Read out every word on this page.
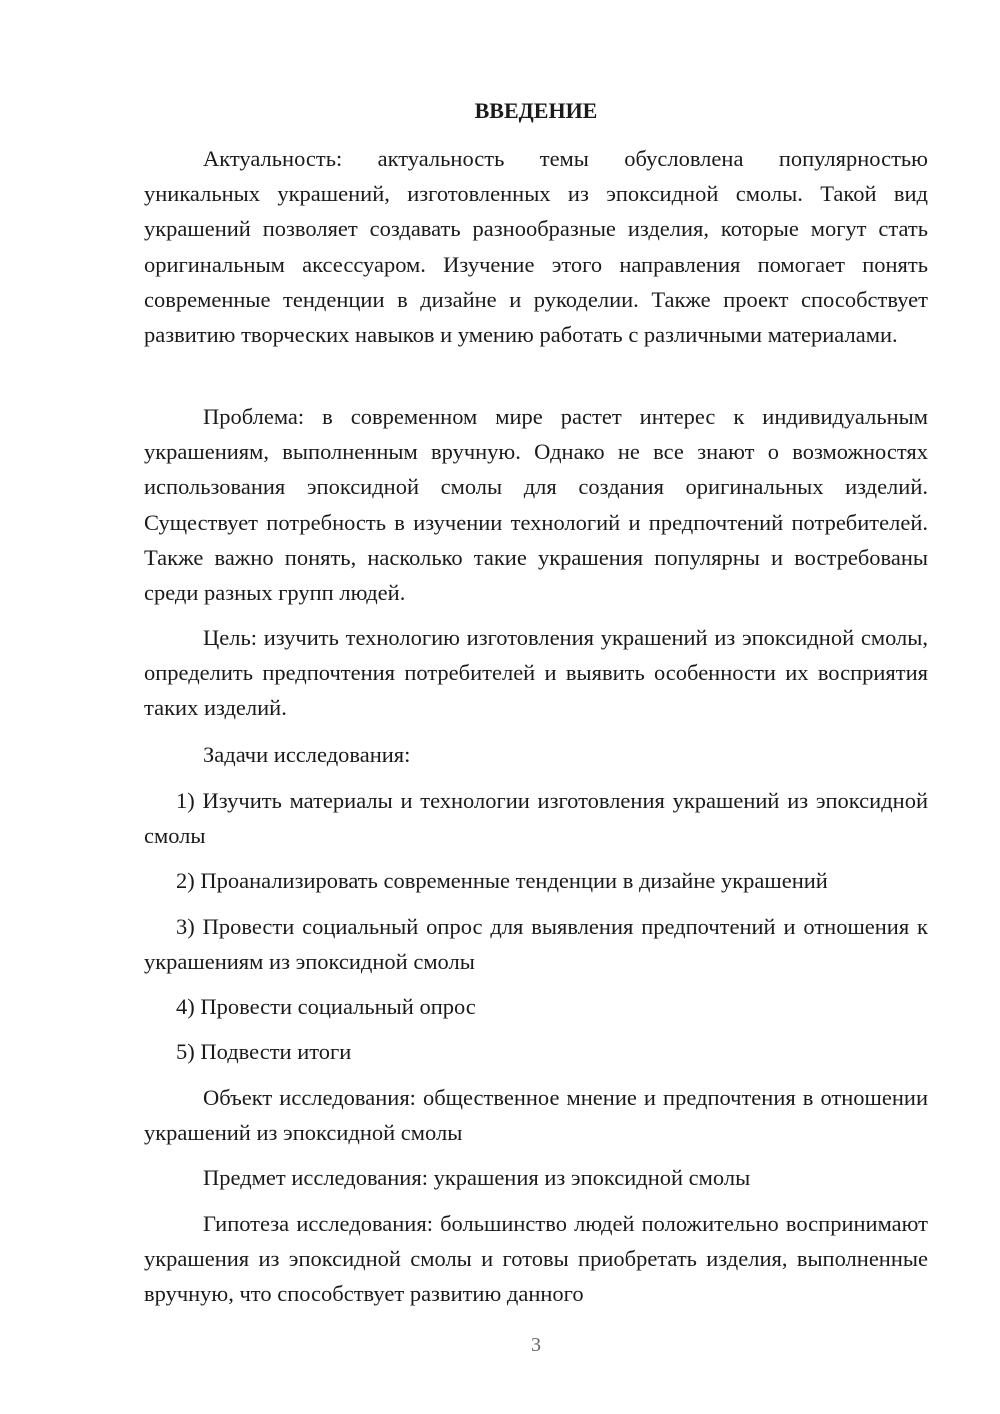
ВВЕДЕНИЕ

Актуальность: актуальность темы обусловлена популярностью уникальных украшений, изготовленных из эпоксидной смолы. Такой вид украшений позволяет создавать разнообразные изделия, которые могут стать оригинальным аксессуаром. Изучение этого направления помогает понять современные тенденции в дизайне и рукоделии. Также проект способствует развитию творческих навыков и умению работать с различными материалами.

Проблема: в современном мире растет интерес к индивидуальным украшениям, выполненным вручную. Однако не все знают о возможностях использования эпоксидной смолы для создания оригинальных изделий. Существует потребность в изучении технологий и предпочтений потребителей. Также важно понять, насколько такие украшения популярны и востребованы среди разных групп людей.

Цель: изучить технологию изготовления украшений из эпоксидной смолы, определить предпочтения потребителей и выявить особенности их восприятия таких изделий.

Задачи исследования:

1) Изучить материалы и технологии изготовления украшений из эпоксидной смолы

2) Проанализировать современные тенденции в дизайне украшений

3) Провести социальный опрос для выявления предпочтений и отношения к украшениям из эпоксидной смолы

4) Провести социальный опрос

5) Подвести итоги

Объект исследования: общественное мнение и предпочтения в отношении украшений из эпоксидной смолы

Предмет исследования: украшения из эпоксидной смолы

Гипотеза исследования: большинство людей положительно воспринимают украшения из эпоксидной смолы и готовы приобретать изделия, выполненные вручную, что способствует развитию данного

3
